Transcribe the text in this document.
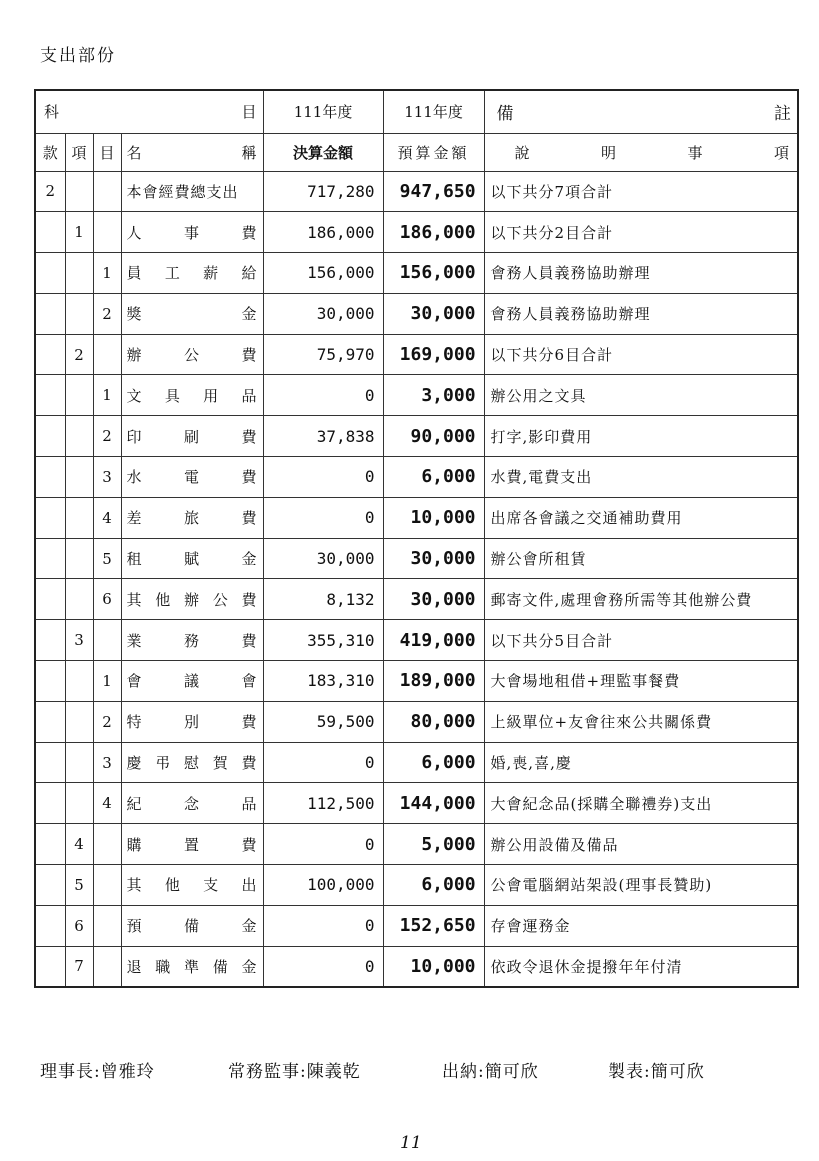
支出部份
科 目				111年度	111年度	備 註

款	項	目	名 稱	決算金額	預算金額	說 明 事 項

2			本會經費總支出	717,280	947,650	以下共分7項合計
	1		人 事 費	186,000	186,000	以下共分2目合計
		1	員 工 薪 給	156,000	156,000	會務人員義務協助辦理
		2	獎 金	30,000	30,000	會務人員義務協助辦理
	2		辦 公 費	75,970	169,000	以下共分6目合計
		1	文 具 用 品	0	3,000	辦公用之文具
		2	印 刷 費	37,838	90,000	打字,影印費用
		3	水 電 費	0	6,000	水費,電費支出
		4	差 旅 費	0	10,000	出席各會議之交通補助費用
		5	租 賦 金	30,000	30,000	辦公會所租賃
		6	其 他 辦 公 費	8,132	30,000	郵寄文件,處理會務所需等其他辦公費
	3		業 務 費	355,310	419,000	以下共分5目合計
		1	會 議 會	183,310	189,000	大會場地租借+理監事餐費
		2	特 別 費	59,500	80,000	上級單位+友會往來公共關係費
		3	慶 弔 慰 賀 費	0	6,000	婚,喪,喜,慶
		4	紀 念 品	112,500	144,000	大會紀念品(採購全聯禮券)支出
	4		購 置 費	0	5,000	辦公用設備及備品
	5		其 他 支 出	100,000	6,000	公會電腦網站架設(理事長贊助)
	6		預 備 金	0	152,650	存會運務金
	7		退 職 準 備 金	0	10,000	依政令退休金提撥年年付清
理事長:曾雅玲	常務監事:陳義乾	出納:簡可欣	製表:簡可欣
11
